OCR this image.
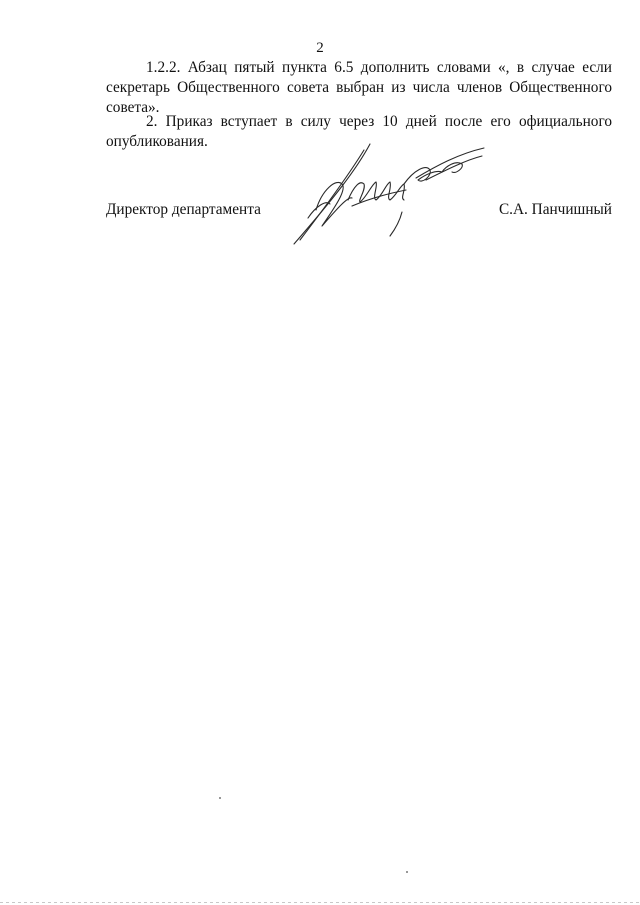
2

1.2.2. Абзац пятый пункта 6.5 дополнить словами «, в случае если секретарь Общественного совета выбран из числа членов Общественного совета».

2. Приказ вступает в силу через 10 дней после его официального опубликования.

Директор департамента	С.А. Панчишный
